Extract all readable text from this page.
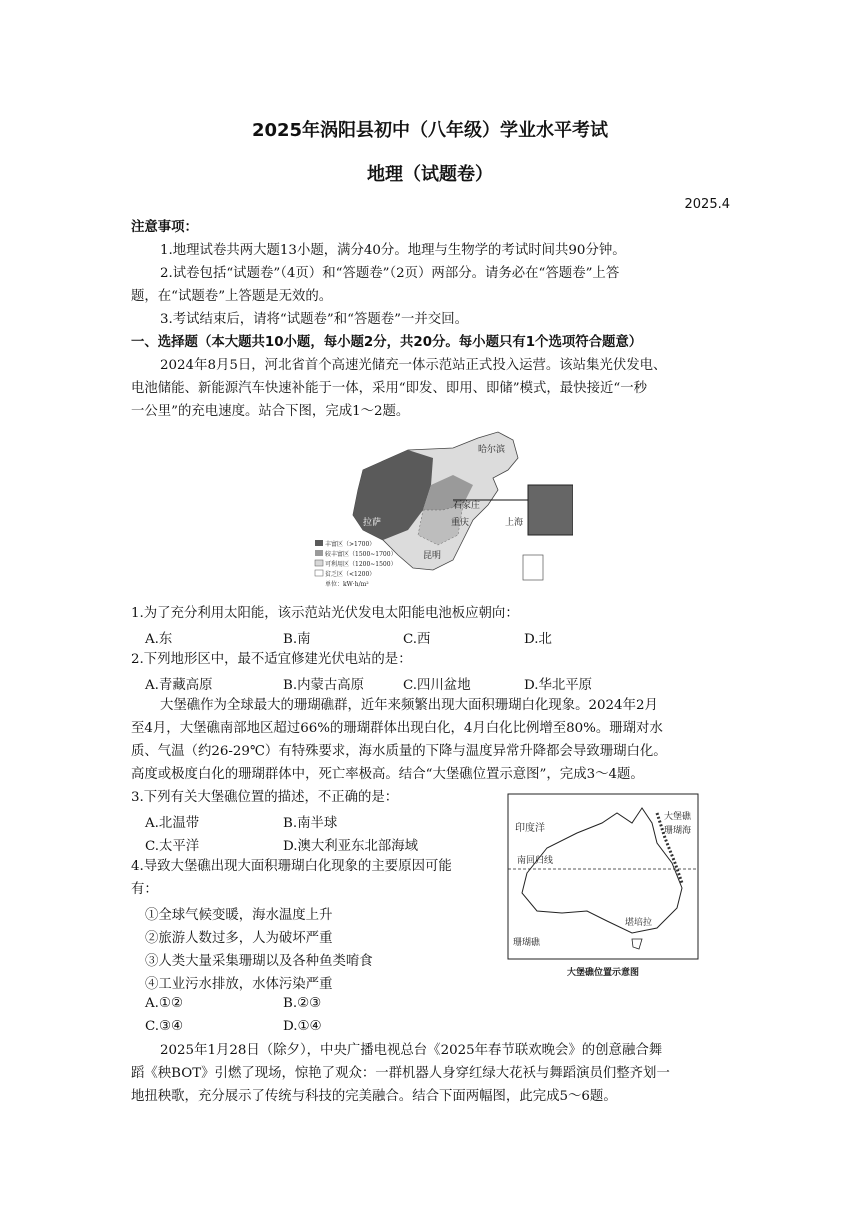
2025年涡阳县初中（八年级）学业水平考试
地理（试题卷）
2025.4
注意事项：
1.地理试卷共两大题13小题，满分40分。地理与生物学的考试时间共90分钟。
2.试卷包括“试题卷”（4页）和“答题卷”（2页）两部分。请务必在“答题卷”上答
题，在“试题卷”上答题是无效的。
3.考试结束后，请将“试题卷”和“答题卷”一并交回。
一、选择题（本大题共10小题，每小题2分，共20分。每小题只有1个选项符合题意）
2024年8月5日，河北省首个高速光储充一体示范站正式投入运营。该站集光伏发电、
电池储能、新能源汽车快速补能于一体，采用“即发、即用、即储”模式，最快接近“一秒
一公里”的充电速度。站合下图，完成1～2题。
哈尔滨
石家庄
拉萨	重庆	上海
昆明
丰富区（>1700）
较丰富区（1500~1700）
可利用区（1200~1500）
贫乏区（<1200）
单位：kW·h/m²
1.为了充分利用太阳能，该示范站光伏发电太阳能电池板应朝向：
A.东	B.南	C.西	D.北
2.下列地形区中，最不适宜修建光伏电站的是：
A.青藏高原	B.内蒙古高原	C.四川盆地	D.华北平原
大堡礁作为全球最大的珊瑚礁群，近年来频繁出现大面积珊瑚白化现象。2024年2月
至4月，大堡礁南部地区超过66%的珊瑚群体出现白化，4月白化比例增至80%。珊瑚对水
质、气温（约26-29℃）有特殊要求，海水质量的下降与温度异常升降都会导致珊瑚白化。
高度或极度白化的珊瑚群体中，死亡率极高。结合“大堡礁位置示意图”，完成3～4题。
3.下列有关大堡礁位置的描述，不正确的是：
A.北温带	B.南半球
C.太平洋	D.澳大利亚东北部海域
4.导致大堡礁出现大面积珊瑚白化现象的主要原因可能
有：
①全球气候变暖，海水温度上升
②旅游人数过多，人为破坏严重
③人类大量采集珊瑚以及各种鱼类唷食
④工业污水排放，水体污染严重
A.①②	B.②③
C.③④	D.①④
印度洋
南回归线
大堡礁
珊瑚海
堪培拉
珊瑚礁
大堡礁位置示意图
2025年1月28日（除夕），中央广播电视总台《2025年春节联欢晚会》的创意融合舞
蹈《秧BOT》引燃了现场，惊艳了观众：一群机器人身穿红绿大花袄与舞蹈演员们整齐划一
地扭秧歌，充分展示了传统与科技的完美融合。结合下面两幅图，此完成5～6题。
